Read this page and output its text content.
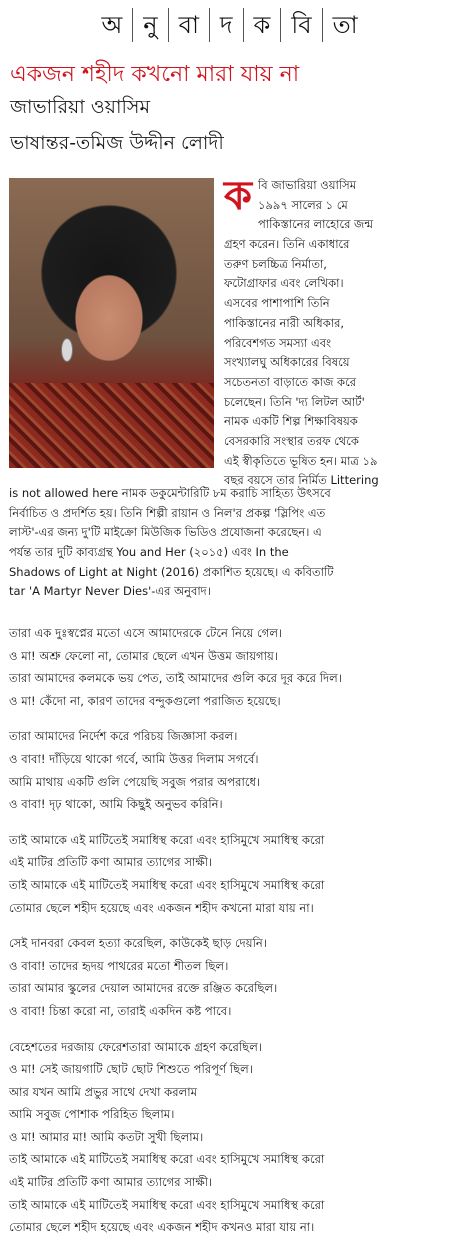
অ নু বা দ ক বি তা
একজন শহীদ কখনো মারা যায় না
জাভারিয়া ওয়াসিম
ভাষান্তর-তমিজ উদ্দীন লোদী
ক বি জাভারিয়া ওয়াসিম
১৯৯৭ সালের ১ মে
পাকিস্তানের লাহোরে জন্ম
গ্রহণ করেন। তিনি একাধারে
তরুণ চলচ্চিত্র নির্মাতা,
ফটোগ্রাফার এবং লেখিকা।
এসবের পাশাপাশি তিনি
পাকিস্তানের নারী অধিকার,
পরিবেশগত সমস্যা এবং
সংখ্যালঘু অধিকারের বিষয়ে
সচেতনতা বাড়াতে কাজ করে
চলেছেন। তিনি 'দ্য লিটল আর্ট'
নামক একটি শিল্প শিক্ষাবিষয়ক
বেসরকারি সংস্থার তরফ থেকে
এই স্বীকৃতিতে ভূষিত হন। মাত্র ১৯
বছর বয়সে তার নির্মিত Littering
is not allowed here নামক ডকুমেন্টারিটি ৮ম করাচি সাহিত্য উৎসবে
নির্বাচিত ও প্রদর্শিত হয়। তিনি শিল্পী রায়ান ও নিল'র প্রকল্প 'স্লিপিং এত
লাস্ট'-এর জন্য দু'টি মাইক্রো মিউজিক ভিডিও প্রযোজনা করেছেন। এ
পর্যন্ত তার দুটি কাব্যগ্রন্থ You and Her (২০১৫) এবং In the
Shadows of Light at Night (2016) প্রকাশিত হয়েছে। এ কবিতাটি
tar 'A Martyr Never Dies'-এর অনুবাদ।
তারা এক দুঃস্বপ্নের মতো এসে আমাদেরকে টেনে নিয়ে গেল।
ও মা! অশ্রু ফেলো না, তোমার ছেলে এখন উত্তম জায়গায়।
তারা আমাদের কলমকে ভয় পেত, তাই আমাদের গুলি করে দূর করে দিল।
ও মা! কেঁদো না, কারণ তাদের বন্দুকগুলো পরাজিত হয়েছে।
তারা আমাদের নির্দেশ করে পরিচয় জিজ্ঞাসা করল।
ও বাবা! দাঁড়িয়ে থাকো গর্বে, আমি উত্তর দিলাম সগর্বে।
আমি মাথায় একটি গুলি পেয়েছি সবুজ পরার অপরাধে।
ও বাবা! দৃঢ় থাকো, আমি কিছুই অনুভব করিনি।
তাই আমাকে এই মাটিতেই সমাধিস্থ করো এবং হাসিমুখে সমাধিস্থ করো
এই মাটির প্রতিটি কণা আমার ত্যাগের সাক্ষী।
তাই আমাকে এই মাটিতেই সমাধিস্থ করো এবং হাসিমুখে সমাধিস্থ করো
তোমার ছেলে শহীদ হয়েছে এবং একজন শহীদ কখনো মারা যায় না।
সেই দানবরা কেবল হত্যা করেছিল, কাউকেই ছাড় দেয়নি।
ও বাবা! তাদের হৃদয় পাথরের মতো শীতল ছিল।
তারা আমার স্কুলের দেয়াল আমাদের রক্তে রঞ্জিত করেছিল।
ও বাবা! চিন্তা করো না, তারাই একদিন কষ্ট পাবে।
বেহেশতের দরজায় ফেরেশতারা আমাকে গ্রহণ করেছিল।
ও মা! সেই জায়গাটি ছোট ছোট শিশুতে পরিপূর্ণ ছিল।
আর যখন আমি প্রভুর সাথে দেখা করলাম
আমি সবুজ পোশাক পরিহিত ছিলাম।
ও মা! আমার মা! আমি কতটা সুখী ছিলাম।
তাই আমাকে এই মাটিতেই সমাধিস্থ করো এবং হাসিমুখে সমাধিস্থ করো
এই মাটির প্রতিটি কণা আমার ত্যাগের সাক্ষী।
তাই আমাকে এই মাটিতেই সমাধিস্থ করো এবং হাসিমুখে সমাধিস্থ করো
তোমার ছেলে শহীদ হয়েছে এবং একজন শহীদ কখনও মারা যায় না।
